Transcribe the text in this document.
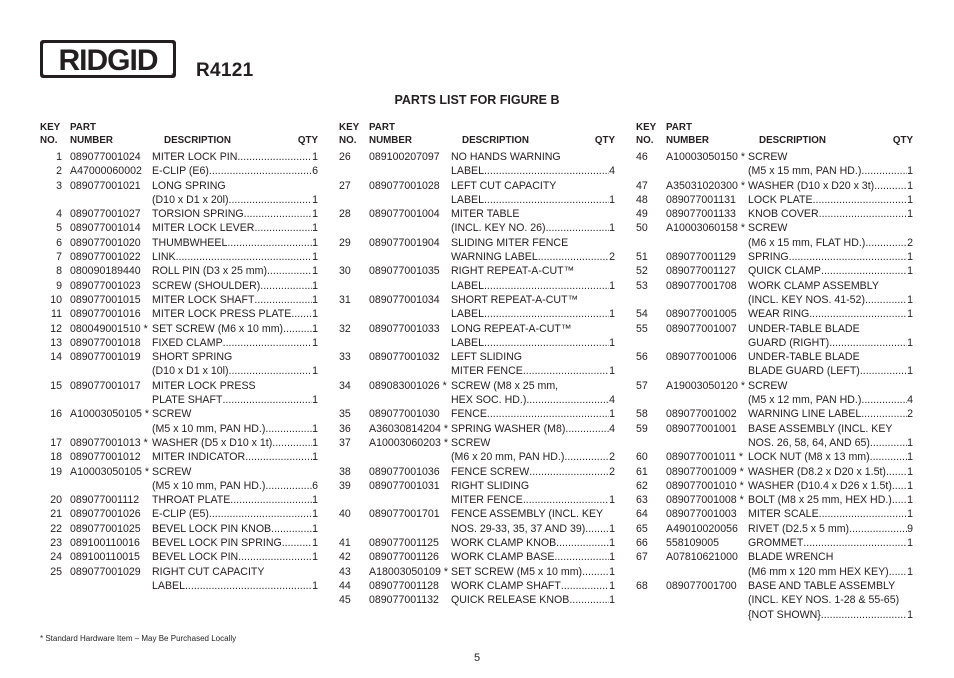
RIDGID	® R4121
PARTS LIST FOR FIGURE B
KEY
NO.
PART
NUMBER	DESCRIPTION	QTY
1 089077001024 MITER LOCK PIN .....	1
2 A47000060002 E-CLIP (E6) .....	6
3 089077001021 LONG SPRING
(D10 x D1 x 20l) .....	1
4 089077001027 TORSION SPRING .....	1
5 089077001014 MITER LOCK LEVER .....	1
6 089077001020 THUMBWHEEL .....	1
7 089077001022 LINK .....	1
8 080090189440 ROLL PIN (D3 x 25 mm) .....	1
9 089077001023 SCREW (SHOULDER) .....	1
10 089077001015 MITER LOCK SHAFT .....	1
11 089077001016 MITER LOCK PRESS PLATE ..... 1
12 080049001510 * SET SCREW (M6 x 10 mm) .....	1
13 089077001018 FIXED CLAMP .....	1
14 089077001019 SHORT SPRING
(D10 x D1 x 10l) .....	1
15 089077001017 MITER LOCK PRESS
PLATE SHAFT .....	1
16 A10003050105 * SCREW
(M5 x 10 mm, PAN HD.) .....	1
17 089077001013 * WASHER (D5 x D10 x 1t) .....	1
18 089077001012 MITER INDICATOR .....	1
19 A10003050105 * SCREW
(M5 x 10 mm, PAN HD.) .....	6
20 089077001112 THROAT PLATE .....	1
21 089077001026 E-CLIP (E5) .....	1
22 089077001025 BEVEL LOCK PIN KNOB .....	1
23 089100110016 BEVEL LOCK PIN SPRING .....	1
24 089100110015 BEVEL LOCK PIN .....	1
25 089077001029 RIGHT CUT CAPACITY
LABEL .....	1
KEY
NO.
PART
NUMBER	DESCRIPTION	QTY
26	089100207097 NO HANDS WARNING
LABEL .....	4
27	089077001028 LEFT CUT CAPACITY
LABEL .....	1
28	089077001004 MITER TABLE
(INCL. KEY NO. 26) .....	1
29	089077001904 SLIDING MITER FENCE
WARNING LABEL .....	2
30	089077001035 RIGHT REPEAT-A-CUT™
LABEL .....	1
31	089077001034 SHORT REPEAT-A-CUT™
LABEL .....	1
32	089077001033 LONG REPEAT-A-CUT™
LABEL .....	1
33	089077001032 LEFT SLIDING
MITER FENCE .....	1
34	089083001026 * SCREW (M8 x 25 mm,
HEX SOC. HD.) .....	4
35	089077001030 FENCE .....	1
36	A36030814204 * SPRING WASHER (M8) .....	4
37	A10003060203 * SCREW
(M6 x 20 mm, PAN HD.) .....	2
38	089077001036 FENCE SCREW .....	2
39	089077001031 RIGHT SLIDING
MITER FENCE .....	1
40	089077001701 FENCE ASSEMBLY (INCL. KEY
NOS. 29-33, 35, 37 AND 39) ..... 1
41	089077001125 WORK CLAMP KNOB .....	1
42	089077001126 WORK CLAMP BASE .....	1
43	A18003050109 * SET SCREW (M5 x 10 mm) .....	1
44	089077001128 WORK CLAMP SHAFT .....	1
45	089077001132 QUICK RELEASE KNOB .....	1
KEY
NO.
PART
NUMBER	DESCRIPTION	QTY
46	A10003050150 * SCREW
(M5 x 15 mm, PAN HD.) .....	1
47	A35031020300 * WASHER (D10 x D20 x 3t) .....	1
48	089077001131 LOCK PLATE .....	1
49	089077001133 KNOB COVER .....	1
50	A10003060158 * SCREW
(M6 x 15 mm, FLAT HD.) .....	2
51	089077001129 SPRING .....	1
52	089077001127 QUICK CLAMP .....	1
53	089077001708 WORK CLAMP ASSEMBLY
(INCL. KEY NOS. 41-52) .....	1
54	089077001005 WEAR RING .....	1
55	089077001007 UNDER-TABLE BLADE
GUARD (RIGHT) .....	1
56	089077001006 UNDER-TABLE BLADE
BLADE GUARD (LEFT) .....	1
57	A19003050120 * SCREW
(M5 x 12 mm, PAN HD.) .....	4
58	089077001002 WARNING LINE LABEL .....	2
59	089077001001 BASE ASSEMBLY (INCL. KEY
NOS. 26, 58, 64, AND 65) .....	1
60	089077001011 * LOCK NUT (M8 x 13 mm) .....	1
61	089077001009 * WASHER (D8.2 x D20 x 1.5t) ..... 1
62	089077001010 * WASHER (D10.4 x D26 x 1.5t) ..... 1
63	089077001008 * BOLT (M8 x 25 mm, HEX HD.) ..... 1
64	089077001003 MITER SCALE .....	1
65	A49010020056 RIVET (D2.5 x 5 mm) .....	9
66	558109005	GROMMET .....	1
67	A07810621000 BLADE WRENCH
(M6 mm x 120 mm HEX KEY) ..... 1
68	089077001700 BASE AND TABLE ASSEMBLY
(INCL. KEY NOS. 1-28 & 55-65)
{NOT SHOWN} .....	1
* Standard Hardware Item – May Be Purchased Locally
5
